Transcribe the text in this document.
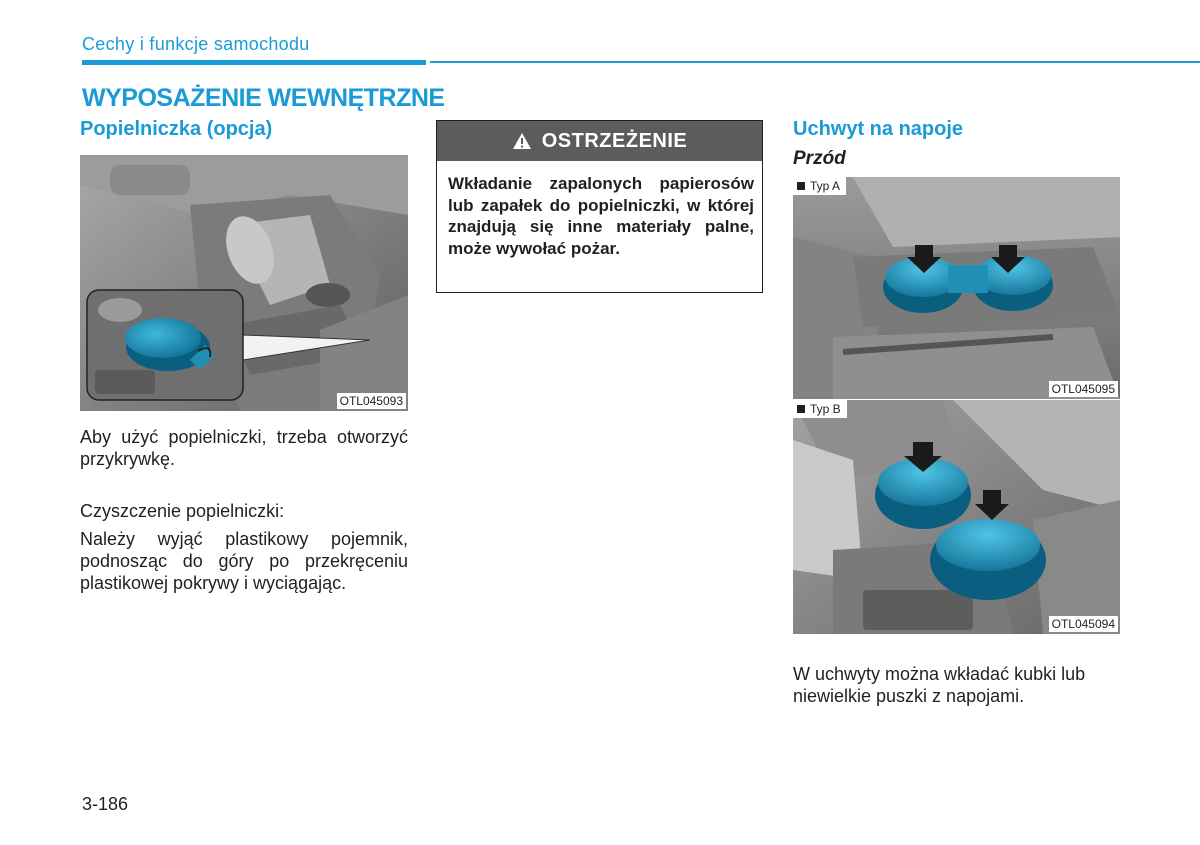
Cechy i funkcje samochodu
WYPOSAŻENIE WEWNĘTRZNE
Popielniczka (opcja)
OTL045093
Aby użyć popielniczki, trzeba otworzyć przykrywkę.
Czyszczenie popielniczki:
Należy wyjąć plastikowy pojemnik, podnosząc do góry po przekręceniu plastikowej pokrywy i wyciągając.
OSTRZEŻENIE
Wkładanie zapalonych papierosów lub zapałek do popielniczki, w której znajdują się inne materiały palne, może wywołać pożar.
Uchwyt na napoje
Przód
Typ A
OTL045095
Typ B
OTL045094
W uchwyty można wkładać kubki lub niewielkie puszki z napojami.
3-186
